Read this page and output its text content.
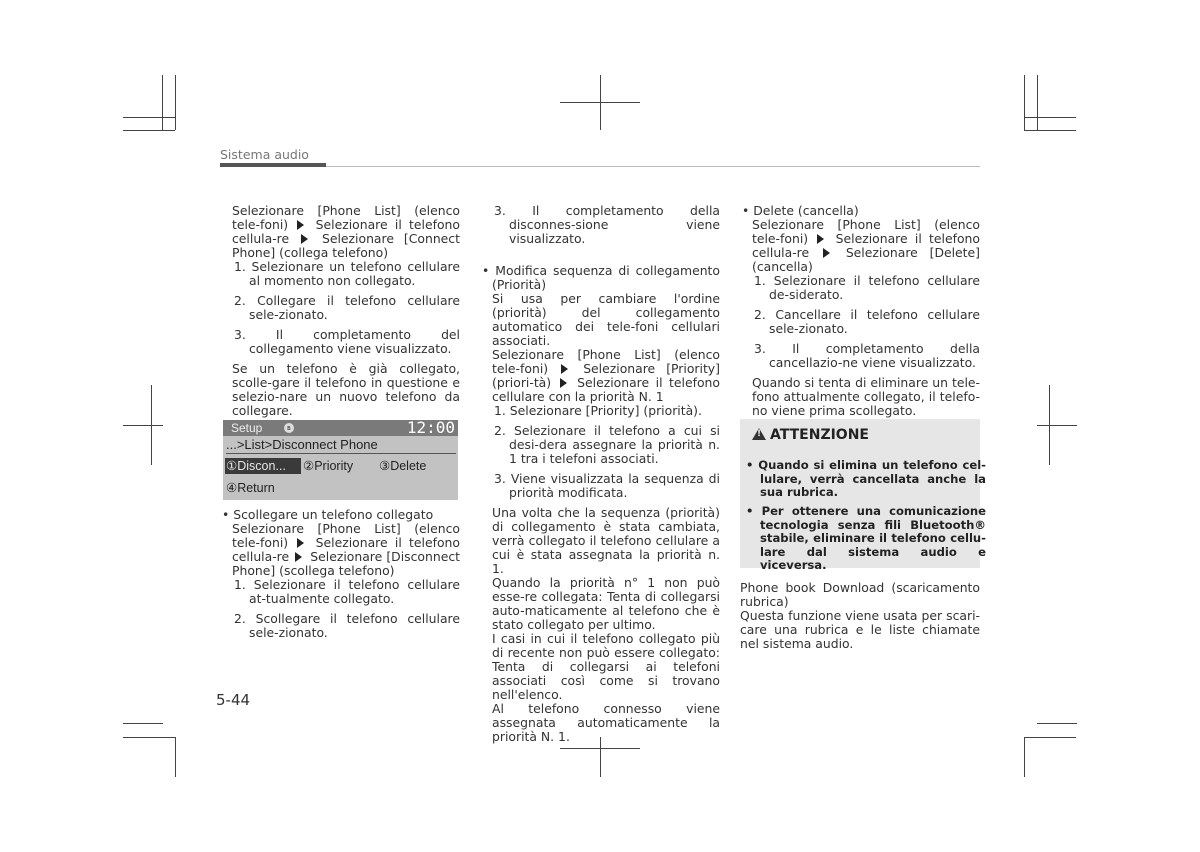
Sistema audio

Selezionare [Phone List] (elenco tele-foni) Selezionare il telefono cellula-re	Selezionare [Connect Phone] (collega telefono)

1. Selezionare un telefono cellulare al momento non collegato.

2. Collegare il telefono cellulare sele-zionato.

3. Il completamento del collegamento viene visualizzato.

Se un telefono è già collegato, scolle-gare il telefono in questione e selezio-nare un nuovo telefono da collegare.

Setup	ʙ	12:00
...>List>Disconnect Phone
①Discon...	②Priority ③Delete
④Return

• Scollegare un telefono collegato

Selezionare [Phone List] (elenco tele-foni) Selezionare il telefono cellula-re Selezionare [Disconnect Phone] (scollega telefono)

1. Selezionare il telefono cellulare at-tualmente collegato.

2. Scollegare il telefono cellulare sele-zionato.

3. Il completamento della disconnes-sione viene visualizzato.

• Modifica sequenza di collegamento (Priorità)

Si usa per cambiare l'ordine (priorità) del collegamento automatico dei tele-foni cellulari associati.

Selezionare [Phone List] (elenco tele-foni)	Selezionare [Priority] (priori-tà) Selezionare il telefono cellulare con la priorità N. 1

1. Selezionare [Priority] (priorità).

2. Selezionare il telefono a cui si desi-dera assegnare la priorità n. 1 tra i telefoni associati.

3. Viene visualizzata la sequenza di priorità modificata.

Una volta che la sequenza (priorità) di collegamento è stata cambiata, verrà collegato il telefono cellulare a cui è stata assegnata la priorità n. 1.

Quando la priorità n° 1 non può esse-re collegata: Tenta di collegarsi auto-maticamente al telefono che è stato collegato per ultimo.

I casi in cui il telefono collegato più di recente non può essere collegato: Tenta di collegarsi ai telefoni associati così come si trovano nell'elenco.

Al telefono connesso viene assegnata automaticamente la priorità N. 1.

• Delete (cancella)

Selezionare [Phone List] (elenco tele-foni) Selezionare il telefono cellula-re	Selezionare [Delete] (cancella)

1. Selezionare il telefono cellulare de-siderato.

2. Cancellare il telefono cellulare sele-zionato.

3. Il completamento della cancellazio-ne viene visualizzato.

Quando si tenta di eliminare un tele-fono attualmente collegato, il telefo-no viene prima scollegato.

!ATTENZIONE

• Quando si elimina un telefono cel-lulare, verrà cancellata anche la sua rubrica.

• Per ottenere una comunicazione tecnologia senza fili Bluetooth® stabile, eliminare il telefono cellu-lare dal sistema audio e viceversa.

Phone book Download (scaricamento rubrica)

Questa funzione viene usata per scari-care una rubrica e le liste chiamate nel sistema audio.

5-44
